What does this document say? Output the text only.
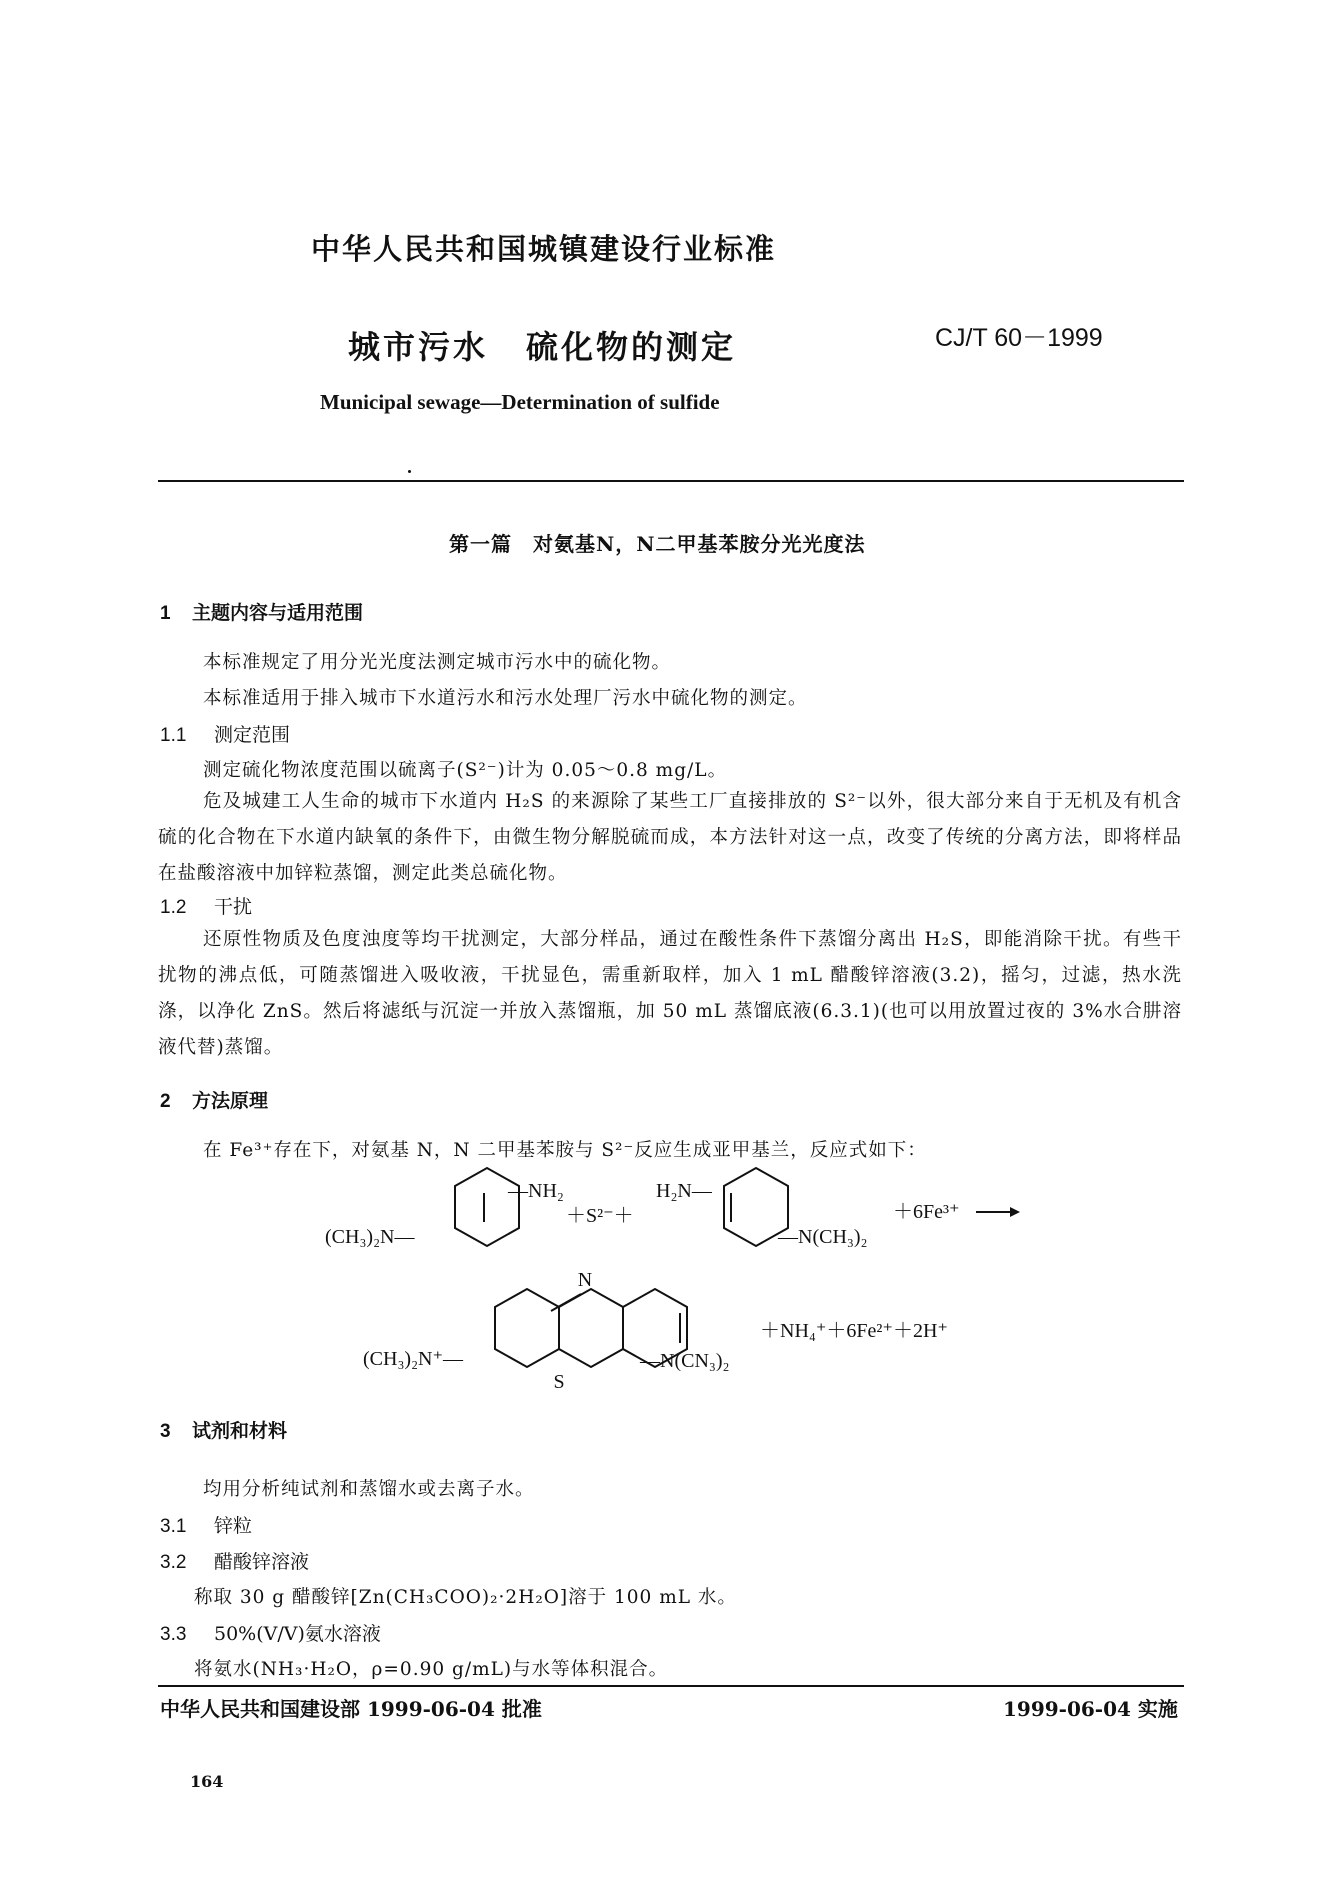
中华人民共和国城镇建设行业标准
城市污水 硫化物的测定	CJ/T 60－1999
Municipal sewage—Determination of sulfide
第一篇　对氨基N，N二甲基苯胺分光光度法
1 主题内容与适用范围
本标准规定了用分光光度法测定城市污水中的硫化物。
本标准适用于排入城市下水道污水和污水处理厂污水中硫化物的测定。
1.1 测定范围
测定硫化物浓度范围以硫离子(S²⁻)计为 0.05～0.8 mg/L。

危及城建工人生命的城市下水道内 H₂S 的来源除了某些工厂直接排放的 S²⁻以外，很大部分来自于无机及有机含硫的化合物在下水道内缺氧的条件下，由微生物分解脱硫而成，本方法针对这一点，改变了传统的分离方法，即将样品在盐酸溶液中加锌粒蒸馏，测定此类总硫化物。

1.2 干扰

还原性物质及色度浊度等均干扰测定，大部分样品，通过在酸性条件下蒸馏分离出 H₂S，即能消除干扰。有些干扰物的沸点低，可随蒸馏进入吸收液，干扰显色，需重新取样，加入 1 mL 醋酸锌溶液(3.2)，摇匀，过滤，热水洗涤，以净化 ZnS。然后将滤纸与沉淀一并放入蒸馏瓶，加 50 mL 蒸馏底液(6.3.1)(也可以用放置过夜的 3%水合肼溶液代替)蒸馏。

2 方法原理
在 Fe³⁺存在下，对氨基 N，N 二甲基苯胺与 S²⁻反应生成亚甲基兰，反应式如下：
(CH₃)₂N—
—NH₂
＋S²⁻＋
H₂N—
—N(CH₃)₂
＋6Fe³⁺
N
S
(CH₃)₂N⁺—	—N(CN₃)₂
＋NH₄⁺＋6Fe²⁺＋2H⁺
3 试剂和材料
均用分析纯试剂和蒸馏水或去离子水。
3.1 锌粒
3.2 醋酸锌溶液
称取 30 g 醋酸锌[Zn(CH₃COO)₂·2H₂O]溶于 100 mL 水。
3.3 50%(V/V)氨水溶液
将氨水(NH₃·H₂O，ρ=0.90 g/mL)与水等体积混合。
中华人民共和国建设部 1999-06-04 批准	1999-06-04 实施
164
